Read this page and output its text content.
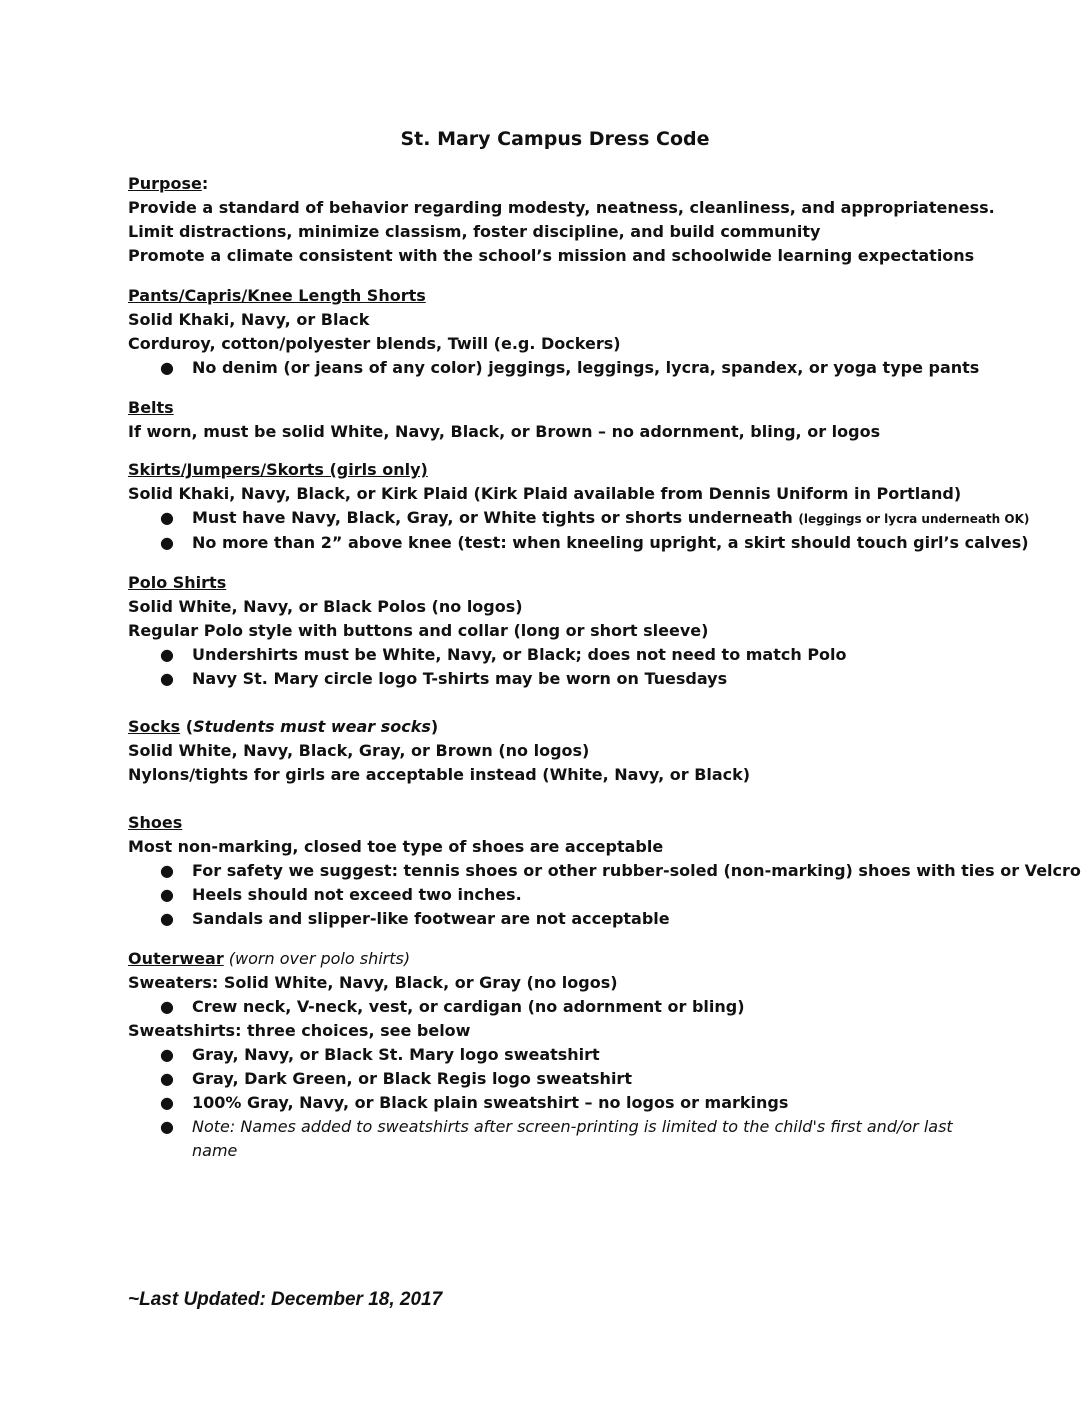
St. Mary Campus Dress Code
Purpose:
Provide a standard of behavior regarding modesty, neatness, cleanliness, and appropriateness.
Limit distractions, minimize classism, foster discipline, and build community
Promote a climate consistent with the school’s mission and schoolwide learning expectations
Pants/Capris/Knee Length Shorts
Solid Khaki, Navy, or Black
Corduroy, cotton/polyester blends, Twill (e.g. Dockers)
● No denim (or jeans of any color) jeggings, leggings, lycra, spandex, or yoga type pants
Belts
If worn, must be solid White, Navy, Black, or Brown – no adornment, bling, or logos
Skirts/Jumpers/Skorts (girls only)
Solid Khaki, Navy, Black, or Kirk Plaid (Kirk Plaid available from Dennis Uniform in Portland)
● Must have Navy, Black, Gray, or White tights or shorts underneath (leggings or lycra underneath OK)
● No more than 2” above knee (test: when kneeling upright, a skirt should touch girl’s calves)
Polo Shirts
Solid White, Navy, or Black Polos (no logos)
Regular Polo style with buttons and collar (long or short sleeve)
● Undershirts must be White, Navy, or Black; does not need to match Polo
● Navy St. Mary circle logo T-shirts may be worn on Tuesdays
Socks (Students must wear socks)
Solid White, Navy, Black, Gray, or Brown (no logos)
Nylons/tights for girls are acceptable instead (White, Navy, or Black)
Shoes
Most non-marking, closed toe type of shoes are acceptable
● For safety we suggest: tennis shoes or other rubber-soled (non-marking) shoes with ties or Velcro
● Heels should not exceed two inches.
● Sandals and slipper-like footwear are not acceptable
Outerwear (worn over polo shirts)
Sweaters: Solid White, Navy, Black, or Gray (no logos)
● Crew neck, V-neck, vest, or cardigan (no adornment or bling)
Sweatshirts: three choices, see below
● Gray, Navy, or Black St. Mary logo sweatshirt
● Gray, Dark Green, or Black Regis logo sweatshirt
● 100% Gray, Navy, or Black plain sweatshirt – no logos or markings
● Note: Names added to sweatshirts after screen-printing is limited to the child's first and/or last
name
~Last Updated: December 18, 2017
